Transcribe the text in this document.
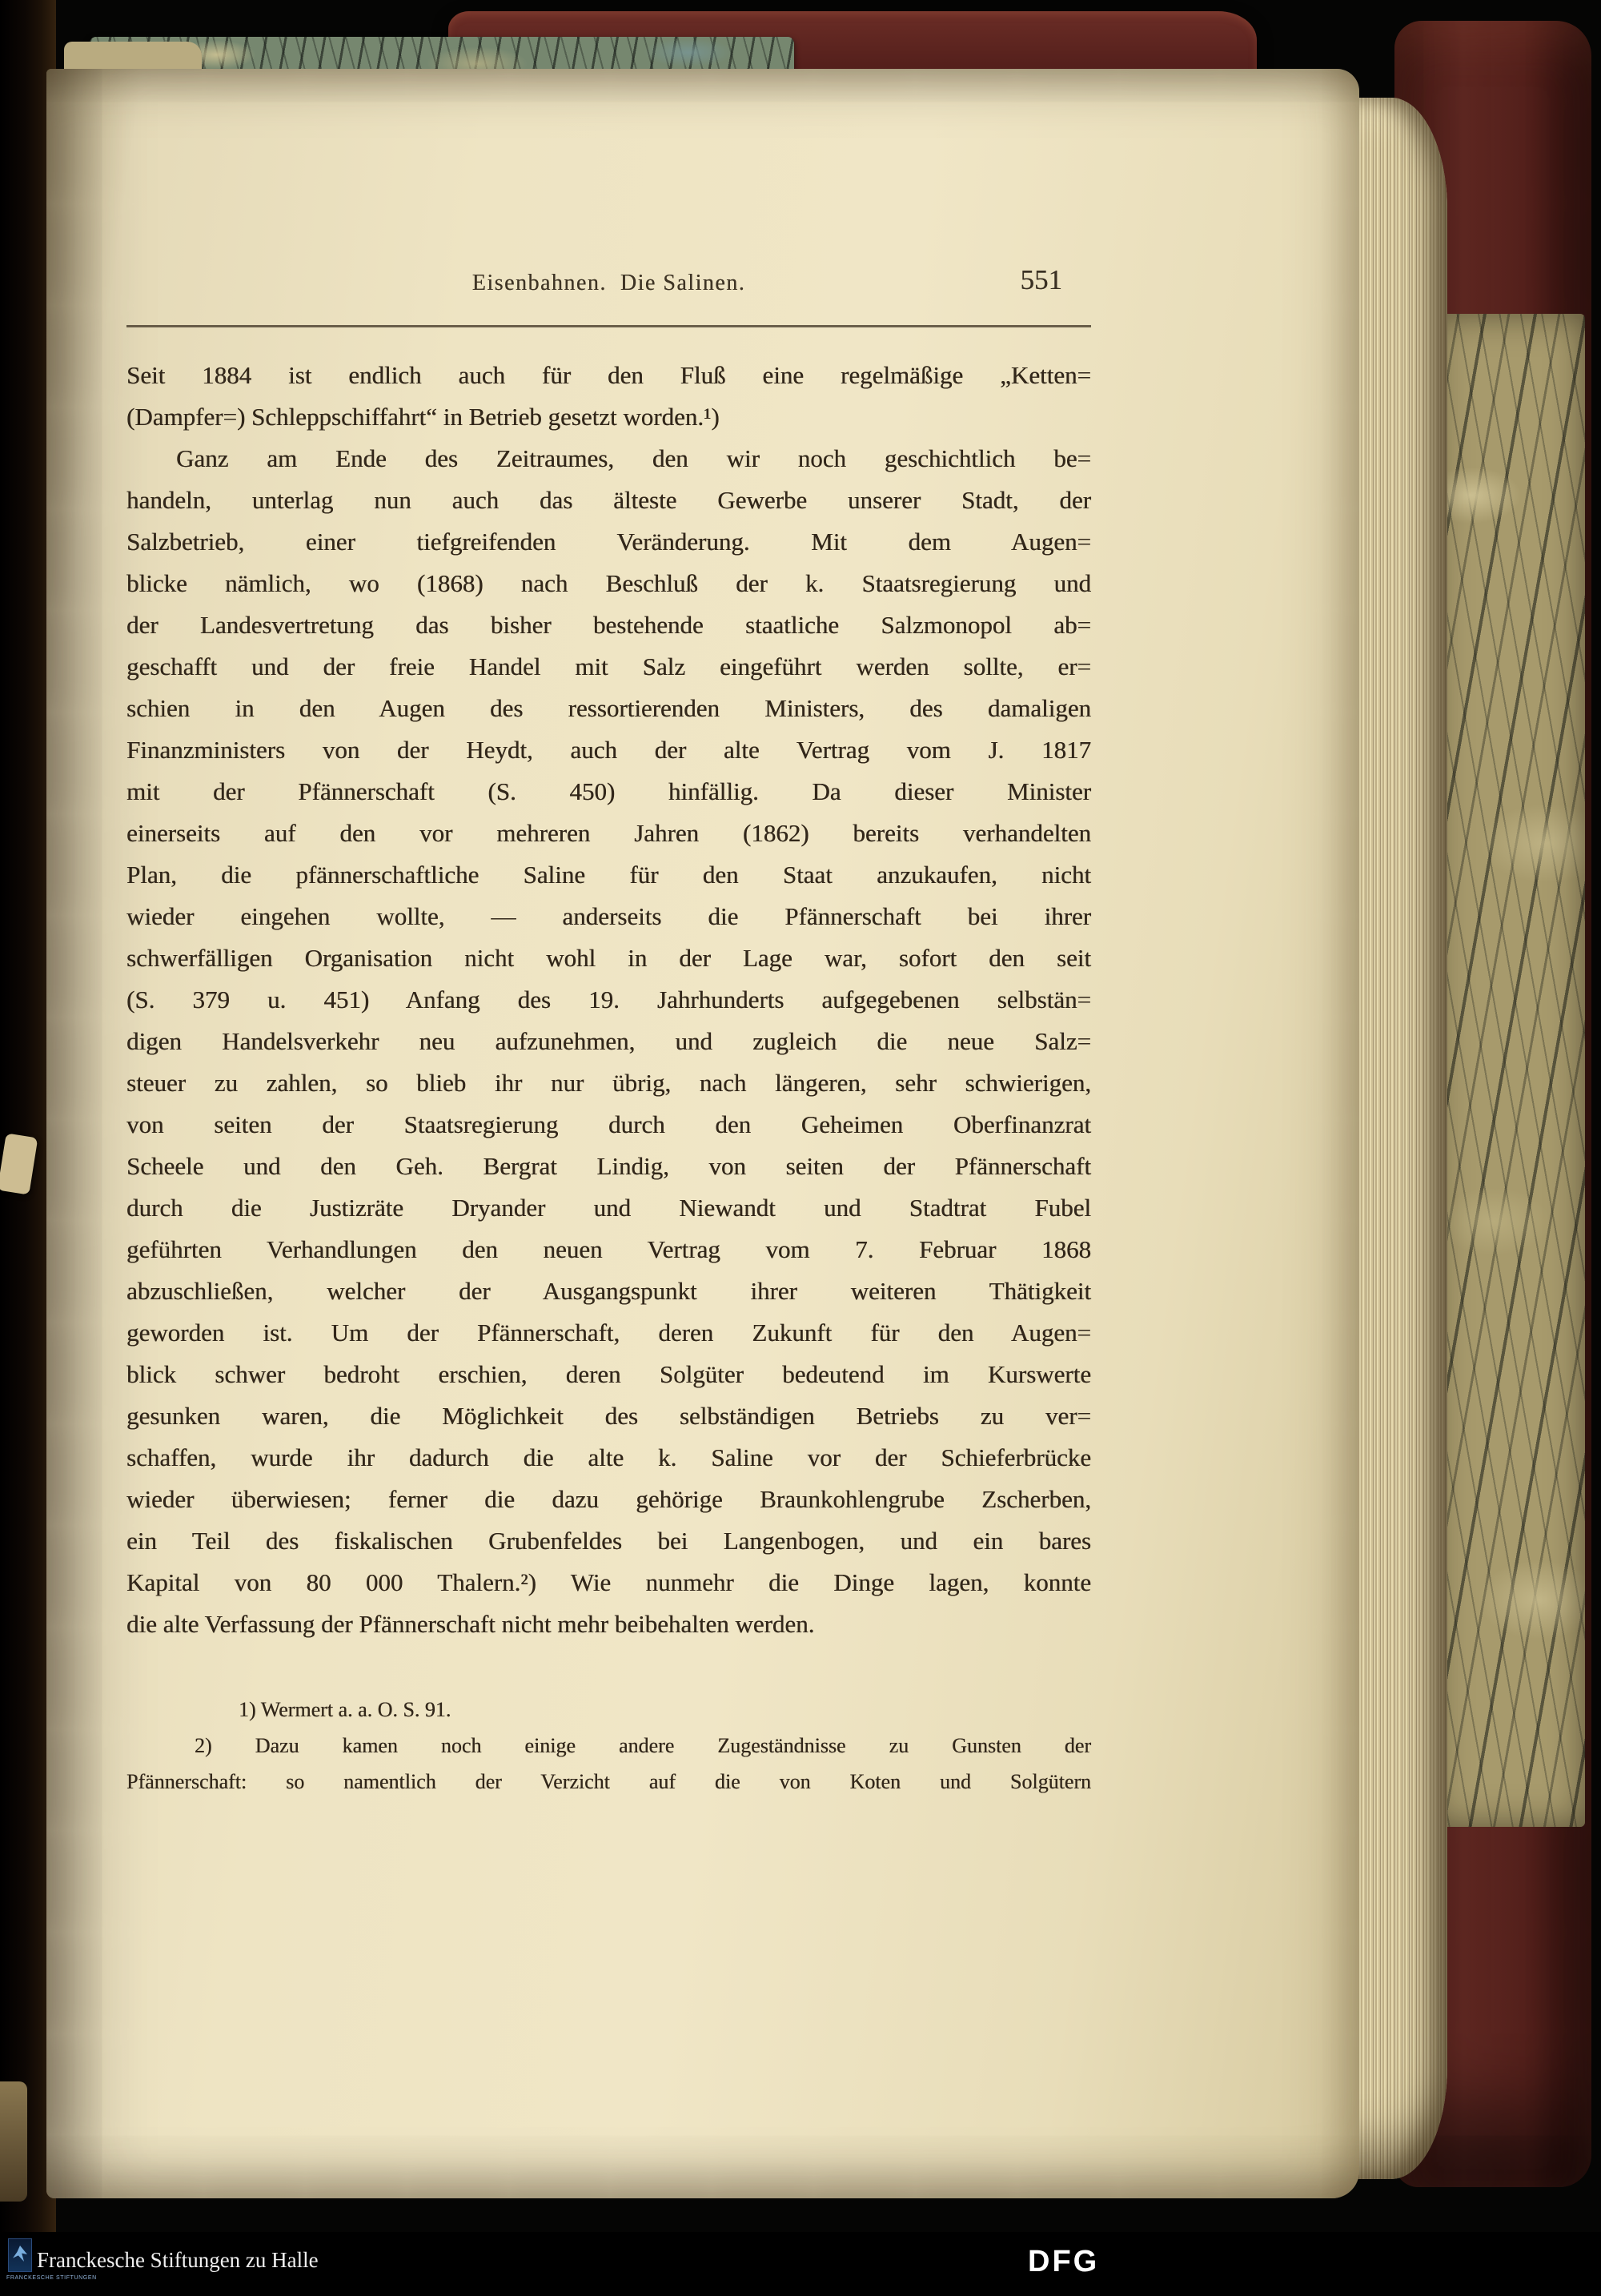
Eisenbahnen.  Die Salinen.	551
Seit 1884 ist endlich auch für den Fluß eine regelmäßige „Ketten=
(Dampfer=) Schleppschiffahrt“ in Betrieb gesetzt worden.¹)
Ganz am Ende des Zeitraumes, den wir noch geschichtlich be=
handeln, unterlag nun auch das älteste Gewerbe unserer Stadt, der
Salzbetrieb, einer tiefgreifenden Veränderung. Mit dem Augen=
blicke nämlich, wo (1868) nach Beschluß der k. Staatsregierung und
der Landesvertretung das bisher bestehende staatliche Salzmonopol ab=
geschafft und der freie Handel mit Salz eingeführt werden sollte, er=
schien in den Augen des ressortierenden Ministers, des damaligen
Finanzministers von der Heydt, auch der alte Vertrag vom J. 1817
mit der Pfännerschaft (S. 450) hinfällig. Da dieser Minister
einerseits auf den vor mehreren Jahren (1862) bereits verhandelten
Plan, die pfännerschaftliche Saline für den Staat anzukaufen, nicht
wieder eingehen wollte, — anderseits die Pfännerschaft bei ihrer
schwerfälligen Organisation nicht wohl in der Lage war, sofort den seit
(S. 379 u. 451) Anfang des 19. Jahrhunderts aufgegebenen selbstän=
digen Handelsverkehr neu aufzunehmen, und zugleich die neue Salz=
steuer zu zahlen, so blieb ihr nur übrig, nach längeren, sehr schwierigen,
von seiten der Staatsregierung durch den Geheimen Oberfinanzrat
Scheele und den Geh. Bergrat Lindig, von seiten der Pfännerschaft
durch die Justizräte Dryander und Niewandt und Stadtrat Fubel
geführten Verhandlungen den neuen Vertrag vom 7. Februar 1868
abzuschließen, welcher der Ausgangspunkt ihrer weiteren Thätigkeit
geworden ist. Um der Pfännerschaft, deren Zukunft für den Augen=
blick schwer bedroht erschien, deren Solgüter bedeutend im Kurswerte
gesunken waren, die Möglichkeit des selbständigen Betriebs zu ver=
schaffen, wurde ihr dadurch die alte k. Saline vor der Schieferbrücke
wieder überwiesen; ferner die dazu gehörige Braunkohlengrube Zscherben,
ein Teil des fiskalischen Grubenfeldes bei Langenbogen, und ein bares
Kapital von 80 000 Thalern.²) Wie nunmehr die Dinge lagen, konnte
die alte Verfassung der Pfännerschaft nicht mehr beibehalten werden.
1) Wermert a. a. O. S. 91.
2) Dazu kamen noch einige andere Zugeständnisse zu Gunsten der
Pfännerschaft: so namentlich der Verzicht auf die von Koten und Solgütern
FRANCKESCHE STIFTUNGEN
Franckesche Stiftungen zu Halle	DFG
